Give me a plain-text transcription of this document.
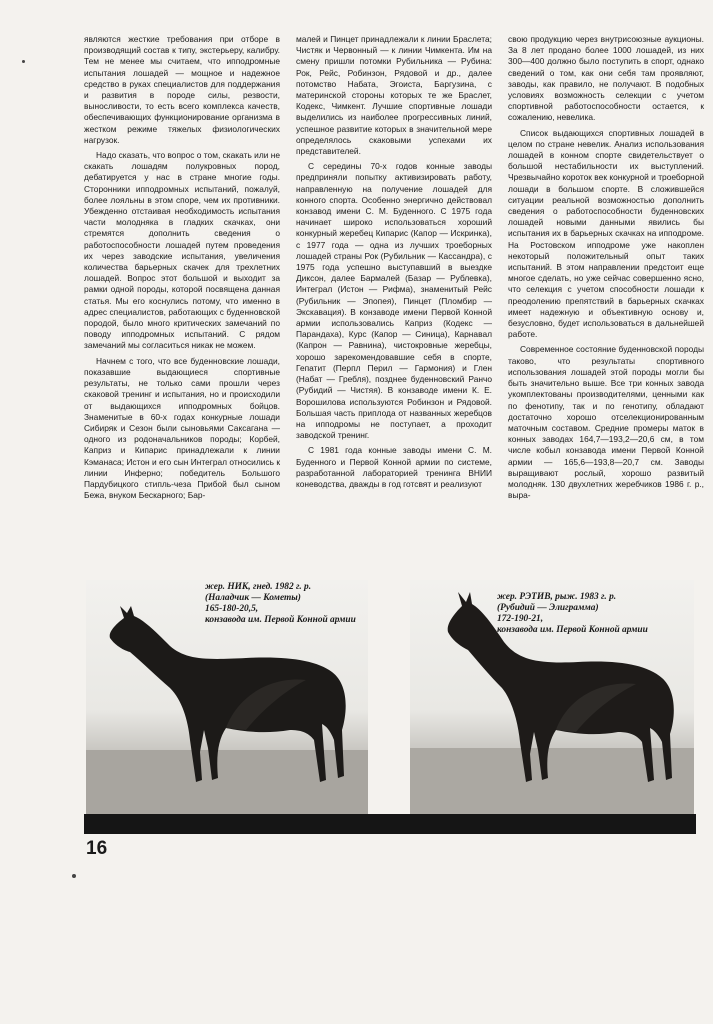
являются жесткие требования при отборе в производящий состав к типу, экстерьеру, калибру. Тем не менее мы считаем, что ипподромные испытания лошадей — мощное и надежное средство в руках специалистов для поддержания и развития в породе силы, резвости, выносливости, то есть всего комплекса качеств, обеспечивающих функционирование организма в жестком режиме тяжелых физиологических нагрузок.

Надо сказать, что вопрос о том, скакать или не скакать лошадям полукровных пород, дебатируется у нас в стране многие годы. Сторонники ипподромных испытаний, пожалуй, более лояльны в этом споре, чем их противники. Убежденно отстаивая необходимость испытания части молодняка в гладких скачках, они стремятся дополнить сведения о работоспособности лошадей путем проведения их через заводские испытания, увеличения количества барьерных скачек для трехлетних лошадей. Вопрос этот большой и выходит за рамки одной породы, которой посвящена данная статья. Мы его коснулись потому, что именно в адрес специалистов, работающих с буденновской породой, было много критических замечаний по поводу ипподромных испытаний. С рядом замечаний мы согласиться никак не можем.

Начнем с того, что все буденновские лошади, показавшие выдающиеся спортивные результаты, не только сами прошли через скаковой тренинг и испытания, но и происходили от выдающихся ипподромных бойцов. Знаменитые в 60-х годах конкурные лошади Сибиряк и Сезон были сыновьями Саксагана — одного из родоначальников породы; Корбей, Каприз и Кипарис принадлежали к линии Кэманаса; Истон и его сын Интеграл относились к линии Инферно; победитель Большого Пардубицкого стипль-чеза Прибой был сыном Бежа, внуком Бескарного; Бар-

малей и Пинцет принадлежали к линии Браслета; Чистяк и Червонный — к линии Чимкента. Им на смену пришли потомки Рубильника — Рубина: Рок, Рейс, Робинзон, Рядовой и др., далее потомство Набата, Эгоиста, Баргузина, с материнской стороны которых те же Браслет, Кодекс, Чимкент. Лучшие спортивные лошади выделились из наиболее прогрессивных линий, успешное развитие которых в значительной мере определялось скаковыми успехами их представителей.

С середины 70-х годов конные заводы предприняли попытку активизировать работу, направленную на получение лошадей для конного спорта. Особенно энергично действовал конзавод имени С. М. Буденного. С 1975 года начинает широко использоваться хороший конкурный жеребец Кипарис (Капор — Искринка), с 1977 года — одна из лучших троеборных лошадей страны Рок (Рубильник — Кассандра), с 1975 года успешно выступавший в выездке Диксон, далее Бармалей (Базар — Рублевка), Интеграл (Истон — Рифма), знаменитый Рейс (Рубильник — Эпопея), Пинцет (Пломбир — Экскавация). В конзаводе имени Первой Конной армии использовались Каприз (Кодекс — Парандаха), Курс (Капор — Синица), Карнавал (Капрон — Равнина), чистокровные жеребцы, хорошо зарекомендовавшие себя в спорте, Гепатит (Перпл Перил — Гармония) и Глен (Набат — Гребля), позднее буденновский Ранчо (Рубидий — Чистяя). В конзаводе имени К. Е. Ворошилова используются Робинзон и Рядовой. Большая часть приплода от названных жеребцов на ипподромы не поступает, а проходит заводской тренинг.

С 1981 года конные заводы имени С. М. Буденного и Первой Конной армии по системе, разработанной лабораторией тренинга ВНИИ коневодства, дважды в год готсвят и реализуют

свою продукцию через внутрисоюзные аукционы. За 8 лет продано более 1000 лошадей, из них 300—400 должно было поступить в спорт, однако сведений о том, как они себя там проявляют, заводы, как правило, не получают. В подобных условиях возможность селекции с учетом спортивной работоспособности остается, к сожалению, невелика.

Список выдающихся спортивных лошадей в целом по стране невелик. Анализ использования лошадей в конном спорте свидетельствует о большой нестабильности их выступлений. Чрезвычайно короток век конкурной и троеборной лошади в большом спорте. В сложившейся ситуации реальной возможностью дополнить сведения о работоспособности буденновских лошадей новыми данными явились бы испытания их в барьерных скачках на ипподроме. На Ростовском ипподроме уже накоплен некоторый положительный опыт таких испытаний. В этом направлении предстоит еще многое сделать, но уже сейчас совершенно ясно, что селекция с учетом способности лошади к преодолению препятствий в барьерных скачках имеет надежную и объективную основу и, безусловно, будет использоваться в дальнейшей работе.

Современное состояние буденновской породы таково, что результаты спортивного использования лошадей этой породы могли бы быть значительно выше. Все три конных завода укомплектованы производителями, ценными как по фенотипу, так и по генотипу, обладают достаточно хорошо отселекционированным маточным составом. Средние промеры маток в конных заводах 164,7—193,2—20,6 см, в том числе кобыл конзавода имени Первой Конной армии — 165,6—193,8—20,7 см. Заводы выращивают рослый, хорошо развитый молодняк. 130 двухлетних жеребчиков 1986 г. р., выра-

жер. НИК, гнед. 1982 г. р.
(Наладчик — Кометы)
165-180-20,5,
конзавода им. Первой Конной армии
жер. РЭТИВ, рыж. 1983 г. р.
(Рубидий — Элиграмма)
172-190-21,
конзавода им. Первой Конной армии
16
